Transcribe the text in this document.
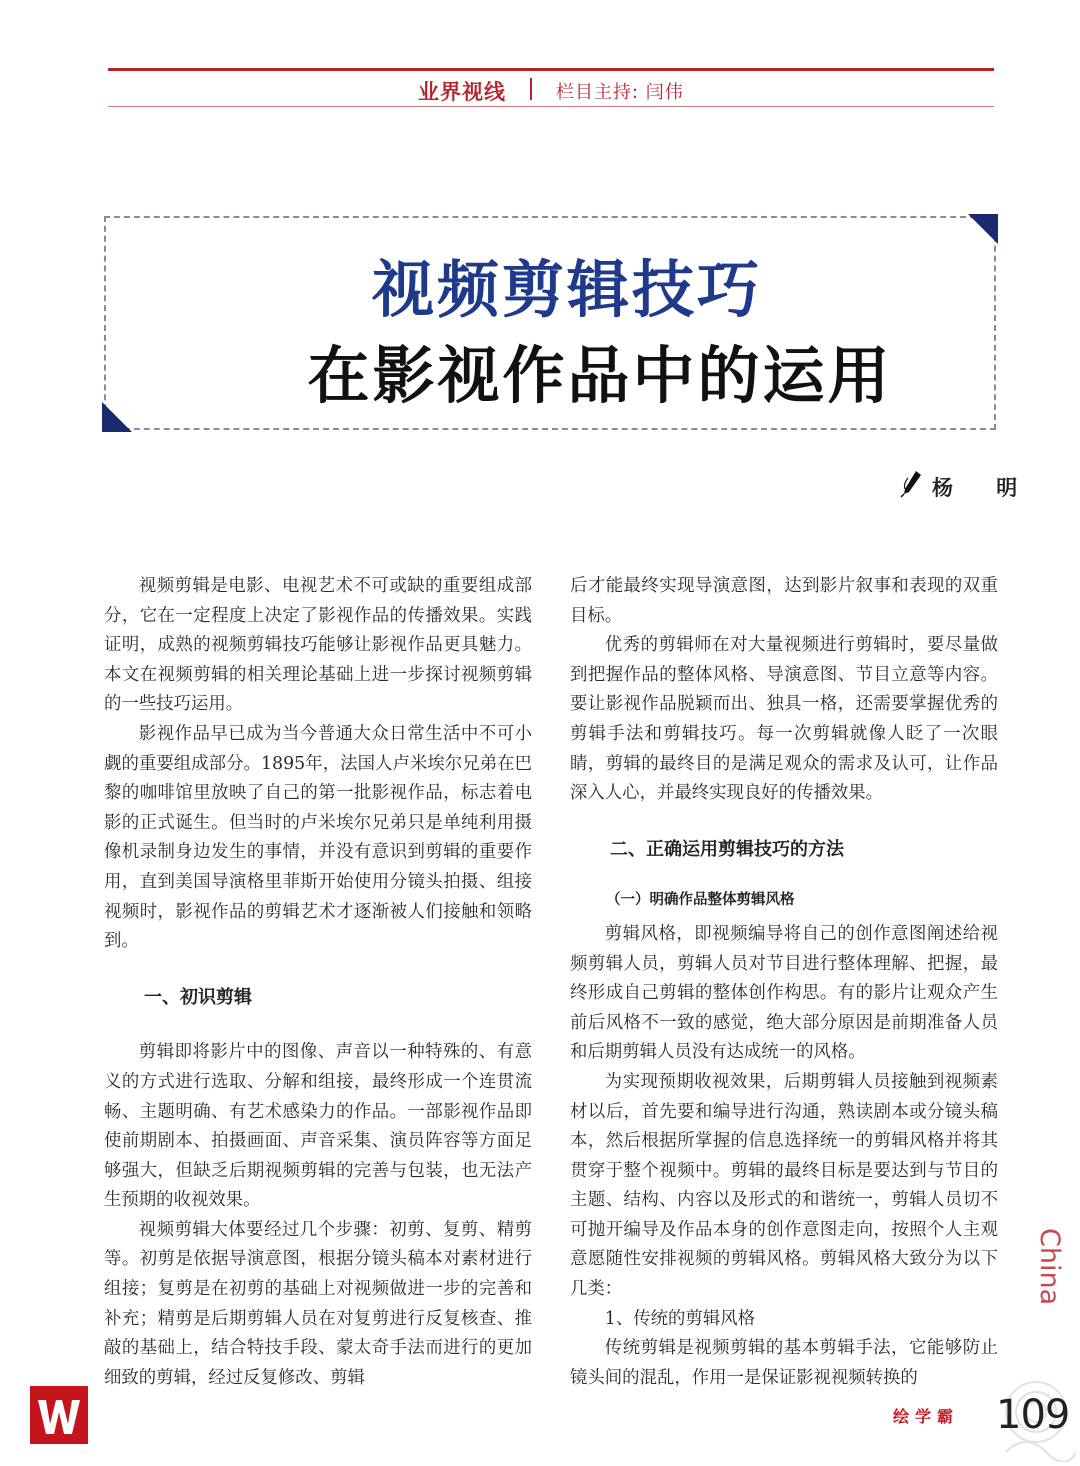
业界视线	栏目主持: 闫伟
视频剪辑技巧
在影视作品中的运用
杨 明

视频剪辑是电影、电视艺术不可或缺的重要组成部分，它在一定程度上决定了影视作品的传播效果。实践证明，成熟的视频剪辑技巧能够让影视作品更具魅力。本文在视频剪辑的相关理论基础上进一步探讨视频剪辑的一些技巧运用。

影视作品早已成为当今普通大众日常生活中不可小觑的重要组成部分。1895年，法国人卢米埃尔兄弟在巴黎的咖啡馆里放映了自己的第一批影视作品，标志着电影的正式诞生。但当时的卢米埃尔兄弟只是单纯利用摄像机录制身边发生的事情，并没有意识到剪辑的重要作用，直到美国导演格里菲斯开始使用分镜头拍摄、组接视频时，影视作品的剪辑艺术才逐渐被人们接触和领略到。

一、初识剪辑

剪辑即将影片中的图像、声音以一种特殊的、有意义的方式进行选取、分解和组接，最终形成一个连贯流畅、主题明确、有艺术感染力的作品。一部影视作品即使前期剧本、拍摄画面、声音采集、演员阵容等方面足够强大，但缺乏后期视频剪辑的完善与包装，也无法产生预期的收视效果。

视频剪辑大体要经过几个步骤：初剪、复剪、精剪等。初剪是依据导演意图，根据分镜头稿本对素材进行组接；复剪是在初剪的基础上对视频做进一步的完善和补充；精剪是后期剪辑人员在对复剪进行反复核查、推敲的基础上，结合特技手段、蒙太奇手法而进行的更加细致的剪辑，经过反复修改、剪辑

后才能最终实现导演意图，达到影片叙事和表现的双重目标。

优秀的剪辑师在对大量视频进行剪辑时，要尽量做到把握作品的整体风格、导演意图、节目立意等内容。要让影视作品脱颖而出、独具一格，还需要掌握优秀的剪辑手法和剪辑技巧。每一次剪辑就像人眨了一次眼睛，剪辑的最终目的是满足观众的需求及认可，让作品深入人心，并最终实现良好的传播效果。

二、正确运用剪辑技巧的方法
（一）明确作品整体剪辑风格

剪辑风格，即视频编导将自己的创作意图阐述给视频剪辑人员，剪辑人员对节目进行整体理解、把握，最终形成自己剪辑的整体创作构思。有的影片让观众产生前后风格不一致的感觉，绝大部分原因是前期准备人员和后期剪辑人员没有达成统一的风格。

为实现预期收视效果，后期剪辑人员接触到视频素材以后，首先要和编导进行沟通，熟读剧本或分镜头稿本，然后根据所掌握的信息选择统一的剪辑风格并将其贯穿于整个视频中。剪辑的最终目标是要达到与节目的主题、结构、内容以及形式的和谐统一，剪辑人员切不可抛开编导及作品本身的创作意图走向，按照个人主观意愿随性安排视频的剪辑风格。剪辑风格大致分为以下几类：

1、传统的剪辑风格

传统剪辑是视频剪辑的基本剪辑手法，它能够防止镜头间的混乱，作用一是保证影视视频转换的

China
绘学霸 109
